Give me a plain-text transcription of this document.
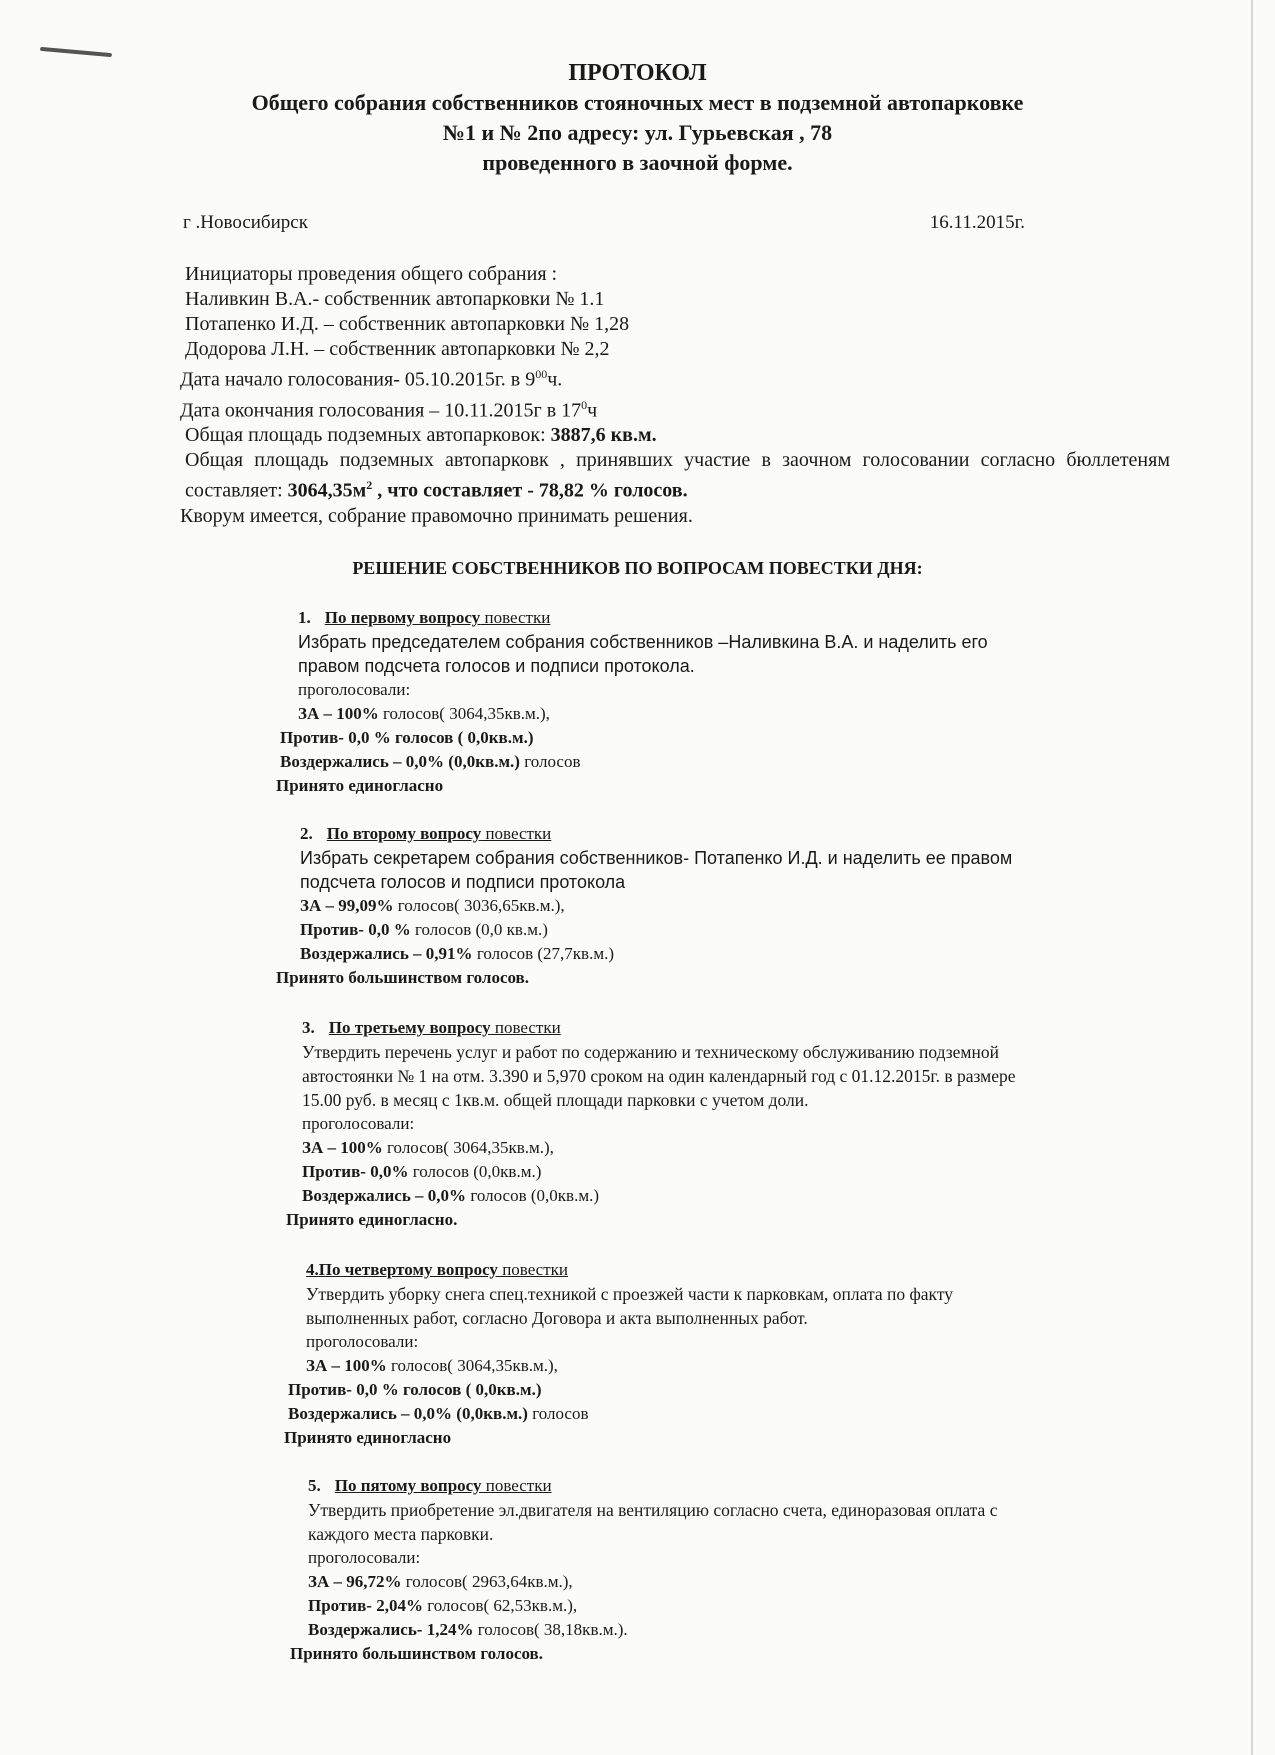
ПРОТОКОЛ
Общего собрания собственников стояночных мест в подземной автопарковке
№1 и № 2по адресу: ул. Гурьевская , 78
проведенного в заочной форме.
г .Новосибирск	16.11.2015г.
Инициаторы проведения общего собрания :
Наливкин В.А.- собственник автопарковки № 1.1
Потапенко И.Д. – собственник автопарковки № 1,28
Додорова Л.Н. – собственник автопарковки № 2,2
Дата начало голосования- 05.10.2015г. в $9^{00}ч$.
Дата окончания голосования – 10.11.2015г в $17^0ч$
Общая площадь подземных автопарковок: 3887,6 кв.м.
Общая площадь подземных автопарковк , принявших участие в заочном голосовании согласно бюллетеням составляет: $3064,35м^2$ , что составляет - 78,82 % голосов.
Кворум имеется, собрание правомочно принимать решения.
РЕШЕНИЕ СОБСТВЕННИКОВ ПО ВОПРОСАМ ПОВЕСТКИ ДНЯ:
1. По первому вопросу повестки
Избрать председателем собрания собственников –Наливкина В.А. и наделить его
правом подсчета голосов и подписи протокола.
проголосовали:
ЗА – 100% голосов( 3064,35кв.м.),
Против- 0,0 % голосов ( 0,0кв.м.)
Воздержались – 0,0% (0,0кв.м.) голосов
Принято единогласно
2. По второму вопросу повестки
Избрать секретарем собрания собственников- Потапенко И.Д. и наделить ее правом
подсчета голосов и подписи протокола
ЗА – 99,09% голосов( 3036,65кв.м.),
Против- 0,0 % голосов (0,0 кв.м.)
Воздержались – 0,91% голосов (27,7кв.м.)
Принято большинством голосов.
3. По третьему вопросу повестки
Утвердить перечень услуг и работ по содержанию и техническому обслуживанию подземной
автостоянки № 1 на отм. 3.390 и 5,970 сроком на один календарный год с 01.12.2015г. в размере
15.00 руб. в месяц с 1кв.м. общей площади парковки с учетом доли.
проголосовали:
ЗА – 100% голосов( 3064,35кв.м.),
Против- 0,0% голосов (0,0кв.м.)
Воздержались – 0,0% голосов (0,0кв.м.)
Принято единогласно.
4.По четвертому вопросу повестки
Утвердить уборку снега спец.техникой с проезжей части к парковкам, оплата по факту
выполненных работ, согласно Договора и акта выполненных работ.
проголосовали:
ЗА – 100% голосов( 3064,35кв.м.),
Против- 0,0 % голосов ( 0,0кв.м.)
Воздержались – 0,0% (0,0кв.м.) голосов
Принято единогласно
5. По пятому вопросу повестки
Утвердить приобретение эл.двигателя на вентиляцию согласно счета, единоразовая оплата с
каждого места парковки.
проголосовали:
ЗА – 96,72% голосов( 2963,64кв.м.),
Против- 2,04% голосов( 62,53кв.м.),
Воздержались- 1,24% голосов( 38,18кв.м.).
Принято большинством голосов.
